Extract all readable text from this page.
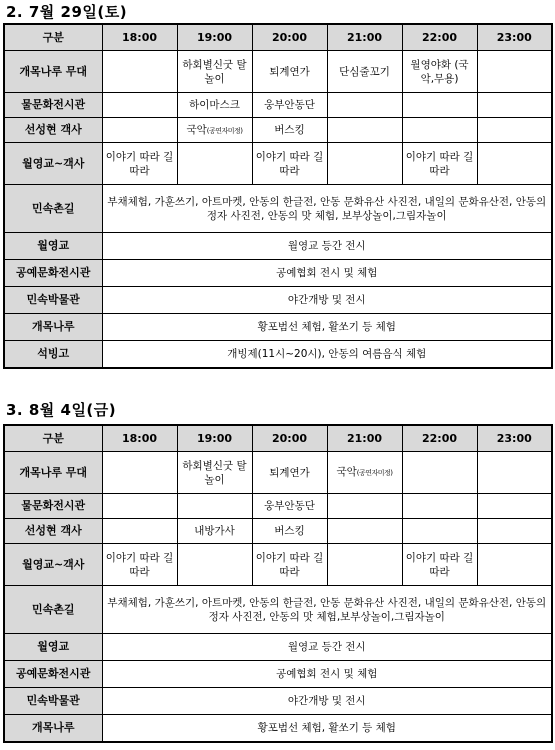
2. 7월 29일(토)
구분	18:00	19:00	20:00	21:00	22:00	23:00
개목나루 무대		하회별신굿 탈놀이	퇴계연가	단심줄꼬기	월영야화 (국악,무용)	
물문화전시관		하이마스크	웅부안동단			
선성현 객사		국악(공연자미정)	버스킹			
월영교~객사	이야기 따라 길 따라		이야기 따라 길 따라		이야기 따라 길 따라	
민속촌길	부채체험, 가훈쓰기, 아트마켓, 안동의 한글전, 안동 문화유산 사진전, 내일의 문화유산전, 안동의 정자 사진전, 안동의 맛 체험, 보부상놀이,그림자놀이					
월영교	월영교 등간 전시					
공예문화전시관	공예협회 전시 및 체험					
민속박물관	야간개방 및 전시					
개목나루	황포범선 체험, 활쏘기 등 체험					
석빙고	개빙제(11시~20시), 안동의 여름음식 체험					
3. 8월 4일(금)
구분	18:00	19:00	20:00	21:00	22:00	23:00
개목나루 무대		하회별신굿 탈놀이	퇴계연가	국악(공연자미정)		
물문화전시관			웅부안동단			
선성현 객사		내방가사	버스킹			
월영교~객사	이야기 따라 길 따라		이야기 따라 길 따라		이야기 따라 길 따라	
민속촌길	부채체험, 가훈쓰기, 아트마켓, 안동의 한글전, 안동 문화유산 사진전, 내일의 문화유산전, 안동의 정자 사진전, 안동의 맛 체험,보부상놀이,그림자놀이					
월영교	월영교 등간 전시					
공예문화전시관	공예협회 전시 및 체험					
민속박물관	야간개방 및 전시					
개목나루	황포범선 체험, 활쏘기 등 체험					
